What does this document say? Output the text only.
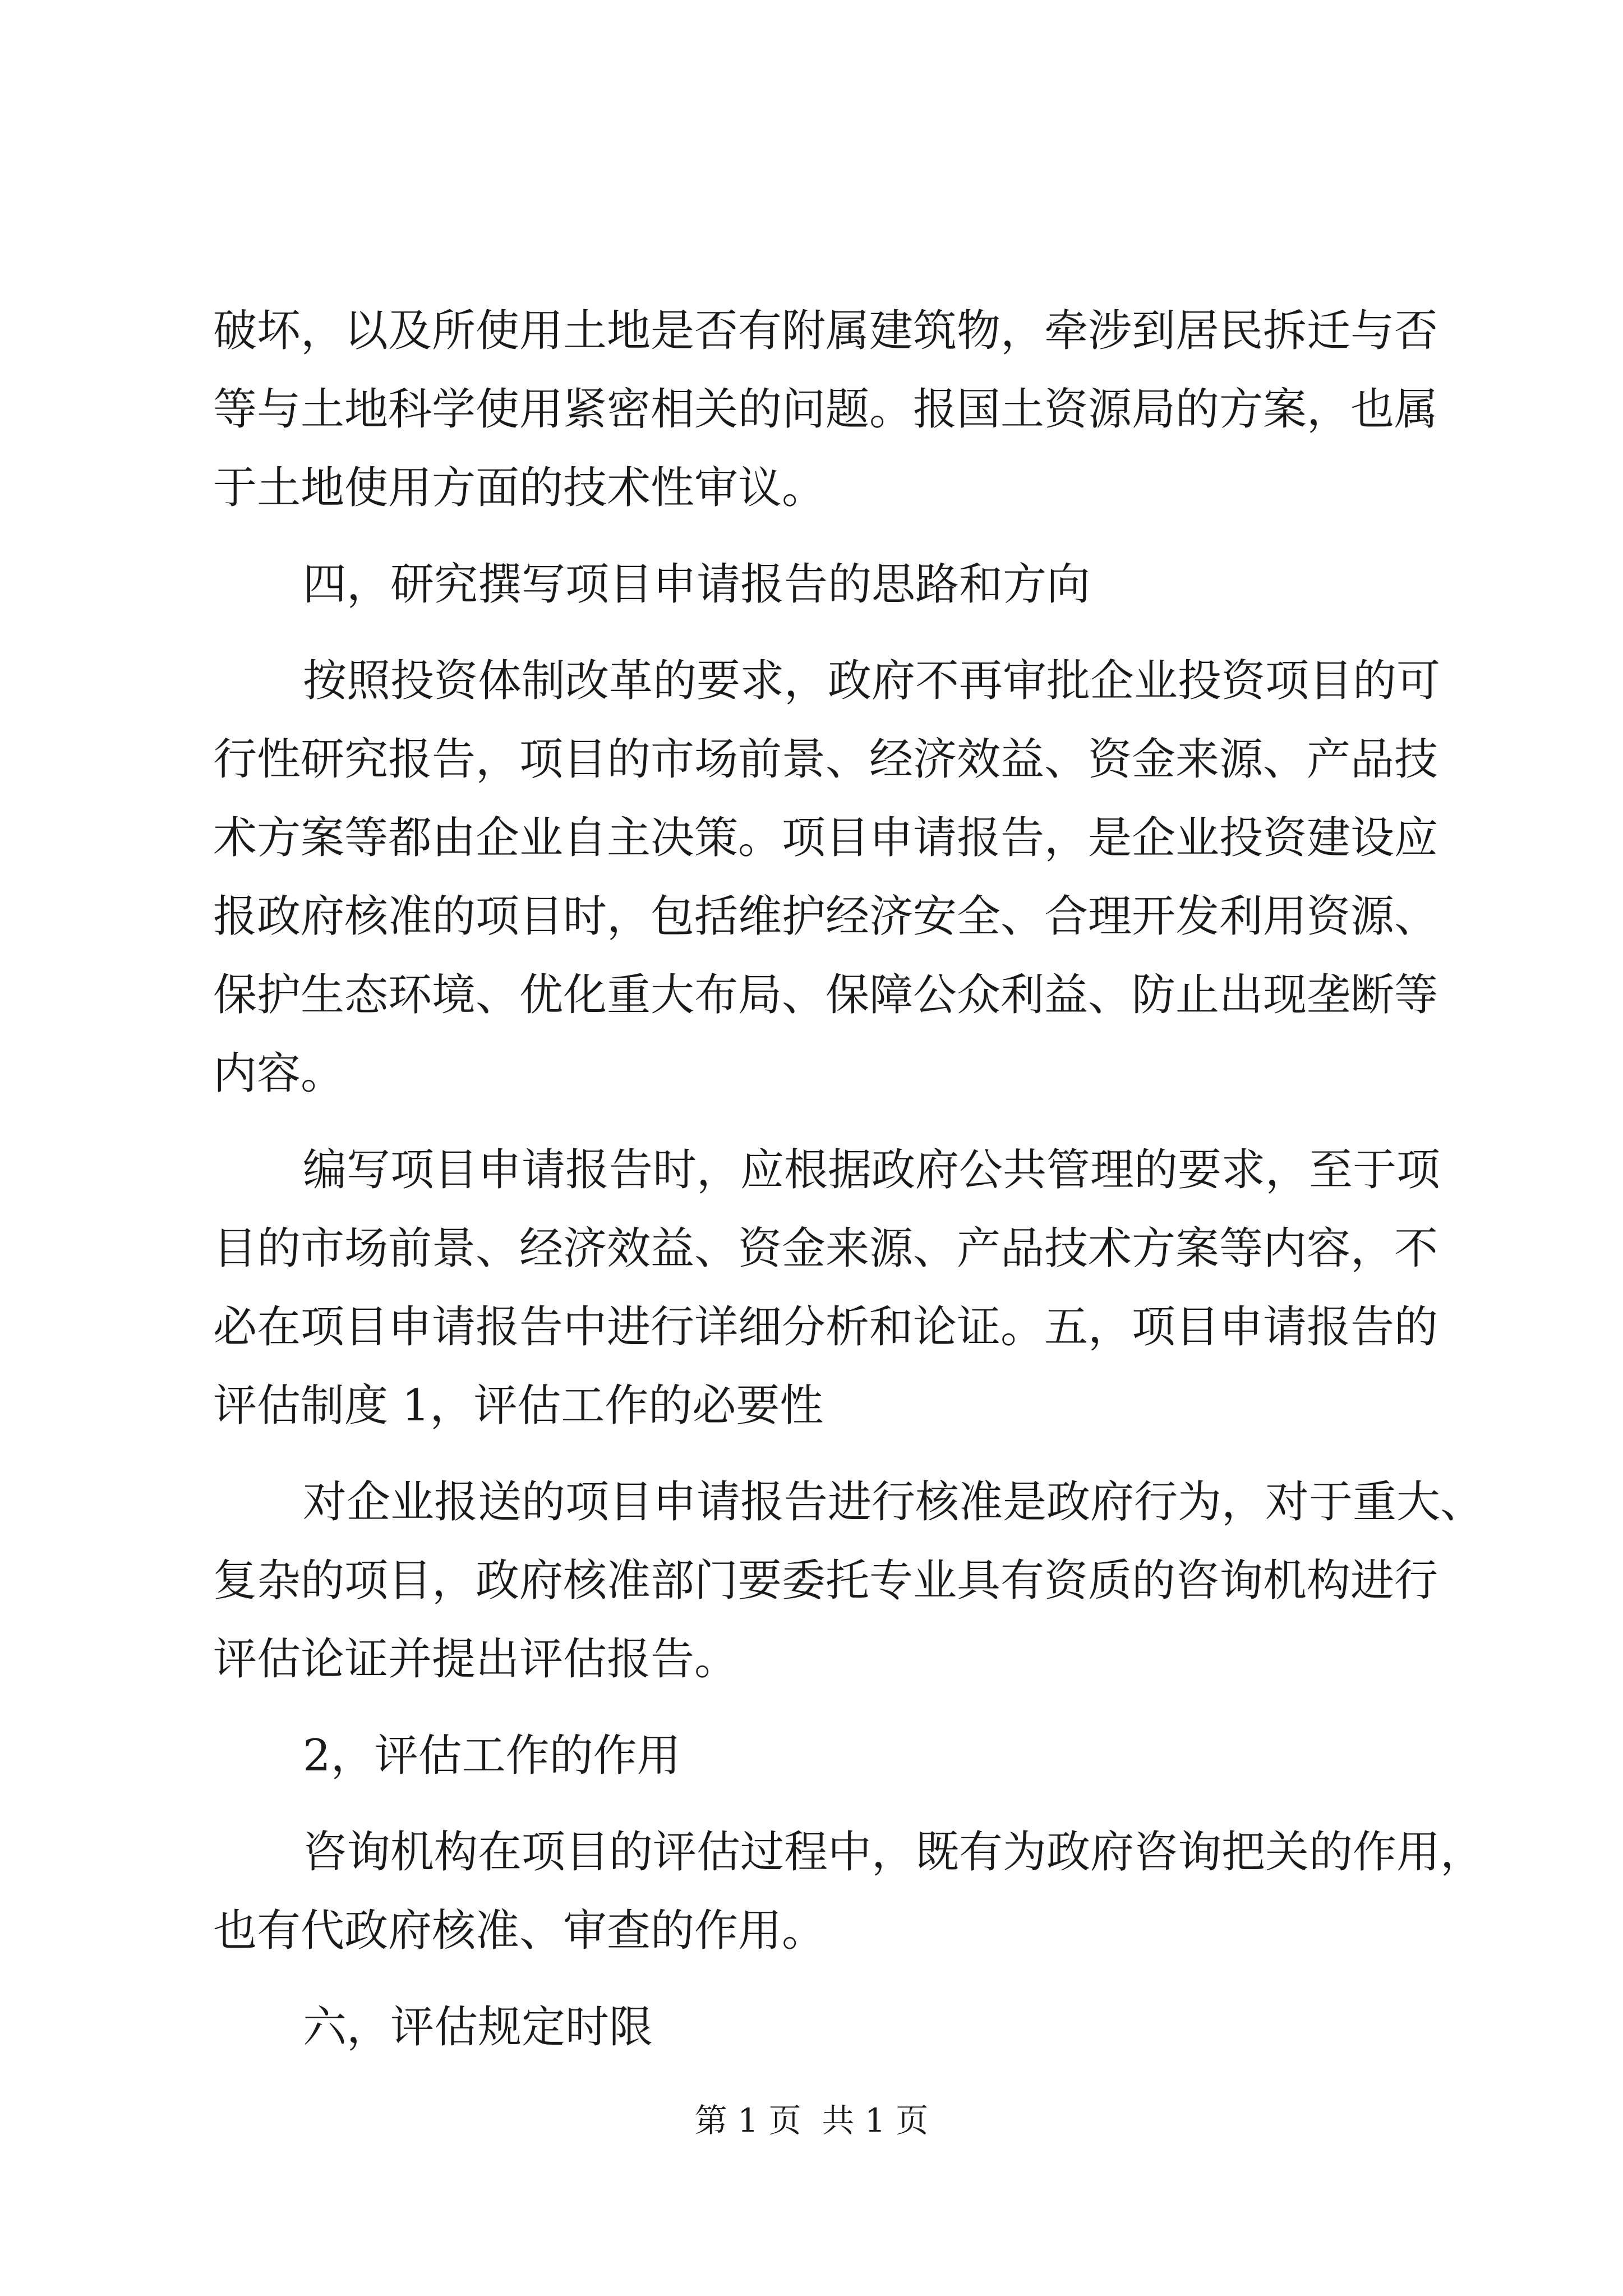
破坏，以及所使用土地是否有附属建筑物，牵涉到居民拆迁与否
等与土地科学使用紧密相关的问题。报国土资源局的方案，也属
于土地使用方面的技术性审议。
四，研究撰写项目申请报告的思路和方向
按照投资体制改革的要求，政府不再审批企业投资项目的可
行性研究报告，项目的市场前景、经济效益、资金来源、产品技
术方案等都由企业自主决策。项目申请报告，是企业投资建设应
报政府核准的项目时，包括维护经济安全、合理开发利用资源、
保护生态环境、优化重大布局、保障公众利益、防止出现垄断等
内容。
编写项目申请报告时，应根据政府公共管理的要求，至于项
目的市场前景、经济效益、资金来源、产品技术方案等内容，不
必在项目申请报告中进行详细分析和论证。五，项目申请报告的
评估制度 1，评估工作的必要性
对企业报送的项目申请报告进行核准是政府行为，对于重大、
复杂的项目，政府核准部门要委托专业具有资质的咨询机构进行
评估论证并提出评估报告。
2，评估工作的作用
咨询机构在项目的评估过程中，既有为政府咨询把关的作用，
也有代政府核准、审查的作用。
六，评估规定时限
第 1 页  共 1 页
